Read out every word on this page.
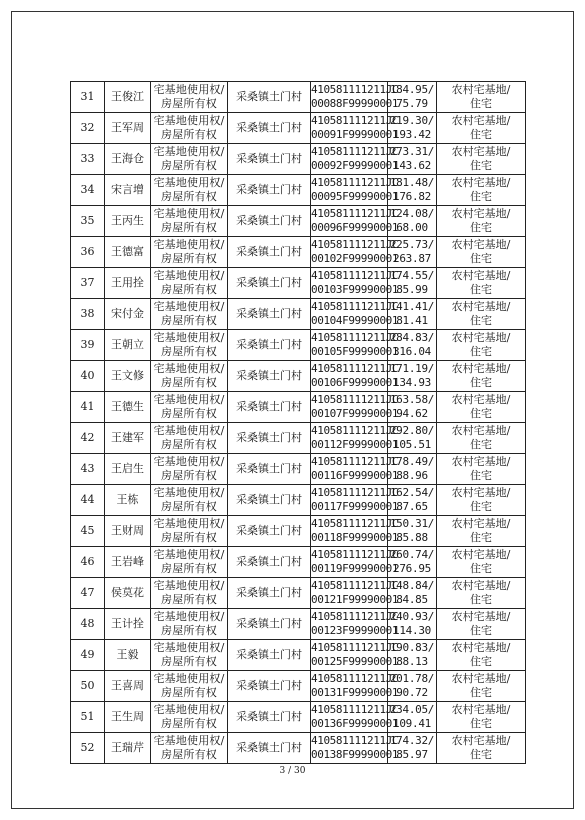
31	王俊江	宅基地使用权/
房屋所有权	采桑镇土门村	410581111211JC
00088F99990001	184.95/
75.79	农村宅基地/
住宅

32	王军周	宅基地使用权/
房屋所有权	采桑镇土门村	410581111211JC
00091F99990001	219.30/
193.42	农村宅基地/
住宅

33	王海仓	宅基地使用权/
房屋所有权	采桑镇土门村	410581111211JC
00092F99990001	273.31/
143.62	农村宅基地/
住宅

34	宋言增	宅基地使用权/
房屋所有权	采桑镇土门村	410581111211JC
00095F99990001	181.48/
176.82	农村宅基地/
住宅

35	王丙生	宅基地使用权/
房屋所有权	采桑镇土门村	410581111211JC
00096F99990001	124.08/
68.00	农村宅基地/
住宅

36	王德富	宅基地使用权/
房屋所有权	采桑镇土门村	410581111211JC
00102F99990001	225.73/
263.87	农村宅基地/
住宅

37	王用拴	宅基地使用权/
房屋所有权	采桑镇土门村	410581111211JC
00103F99990001	174.55/
85.99	农村宅基地/
住宅

38	宋付金	宅基地使用权/
房屋所有权	采桑镇土门村	410581111211JC
00104F99990001	141.41/
81.41	农村宅基地/
住宅

39	王朝立	宅基地使用权/
房屋所有权	采桑镇土门村	410581111211JC
00105F99990001	284.83/
316.04	农村宅基地/
住宅

40	王文修	宅基地使用权/
房屋所有权	采桑镇土门村	410581111211JC
00106F99990001	171.19/
134.93	农村宅基地/
住宅

41	王德生	宅基地使用权/
房屋所有权	采桑镇土门村	410581111211JC
00107F99990001	163.58/
94.62	农村宅基地/
住宅

42	王建军	宅基地使用权/
房屋所有权	采桑镇土门村	410581111211JC
00112F99990001	292.80/
105.51	农村宅基地/
住宅

43	王启生	宅基地使用权/
房屋所有权	采桑镇土门村	410581111211JC
00116F99990001	178.49/
88.96	农村宅基地/
住宅

44	王栋	宅基地使用权/
房屋所有权	采桑镇土门村	410581111211JC
00117F99990001	162.54/
87.65	农村宅基地/
住宅

45	王财周	宅基地使用权/
房屋所有权	采桑镇土门村	410581111211JC
00118F99990001	150.31/
85.88	农村宅基地/
住宅

46	王岩峰	宅基地使用权/
房屋所有权	采桑镇土门村	410581111211JC
00119F99990001	260.74/
276.95	农村宅基地/
住宅

47	侯莫花	宅基地使用权/
房屋所有权	采桑镇土门村	410581111211JC
00121F99990001	148.84/
84.85	农村宅基地/
住宅

48	王计拴	宅基地使用权/
房屋所有权	采桑镇土门村	410581111211JC
00123F99990001	240.93/
114.30	农村宅基地/
住宅

49	王毅	宅基地使用权/
房屋所有权	采桑镇土门村	410581111211JC
00125F99990001	190.83/
88.13	农村宅基地/
住宅

50	王喜周	宅基地使用权/
房屋所有权	采桑镇土门村	410581111211JC
00131F99990001	201.78/
90.72	农村宅基地/
住宅

51	王生周	宅基地使用权/
房屋所有权	采桑镇土门村	410581111211JC
00136F99990001	234.05/
109.41	农村宅基地/
住宅

52	王瑞芹	宅基地使用权/
房屋所有权	采桑镇土门村	410581111211JC
00138F99990001	174.32/
85.97	农村宅基地/
住宅
3 / 30
